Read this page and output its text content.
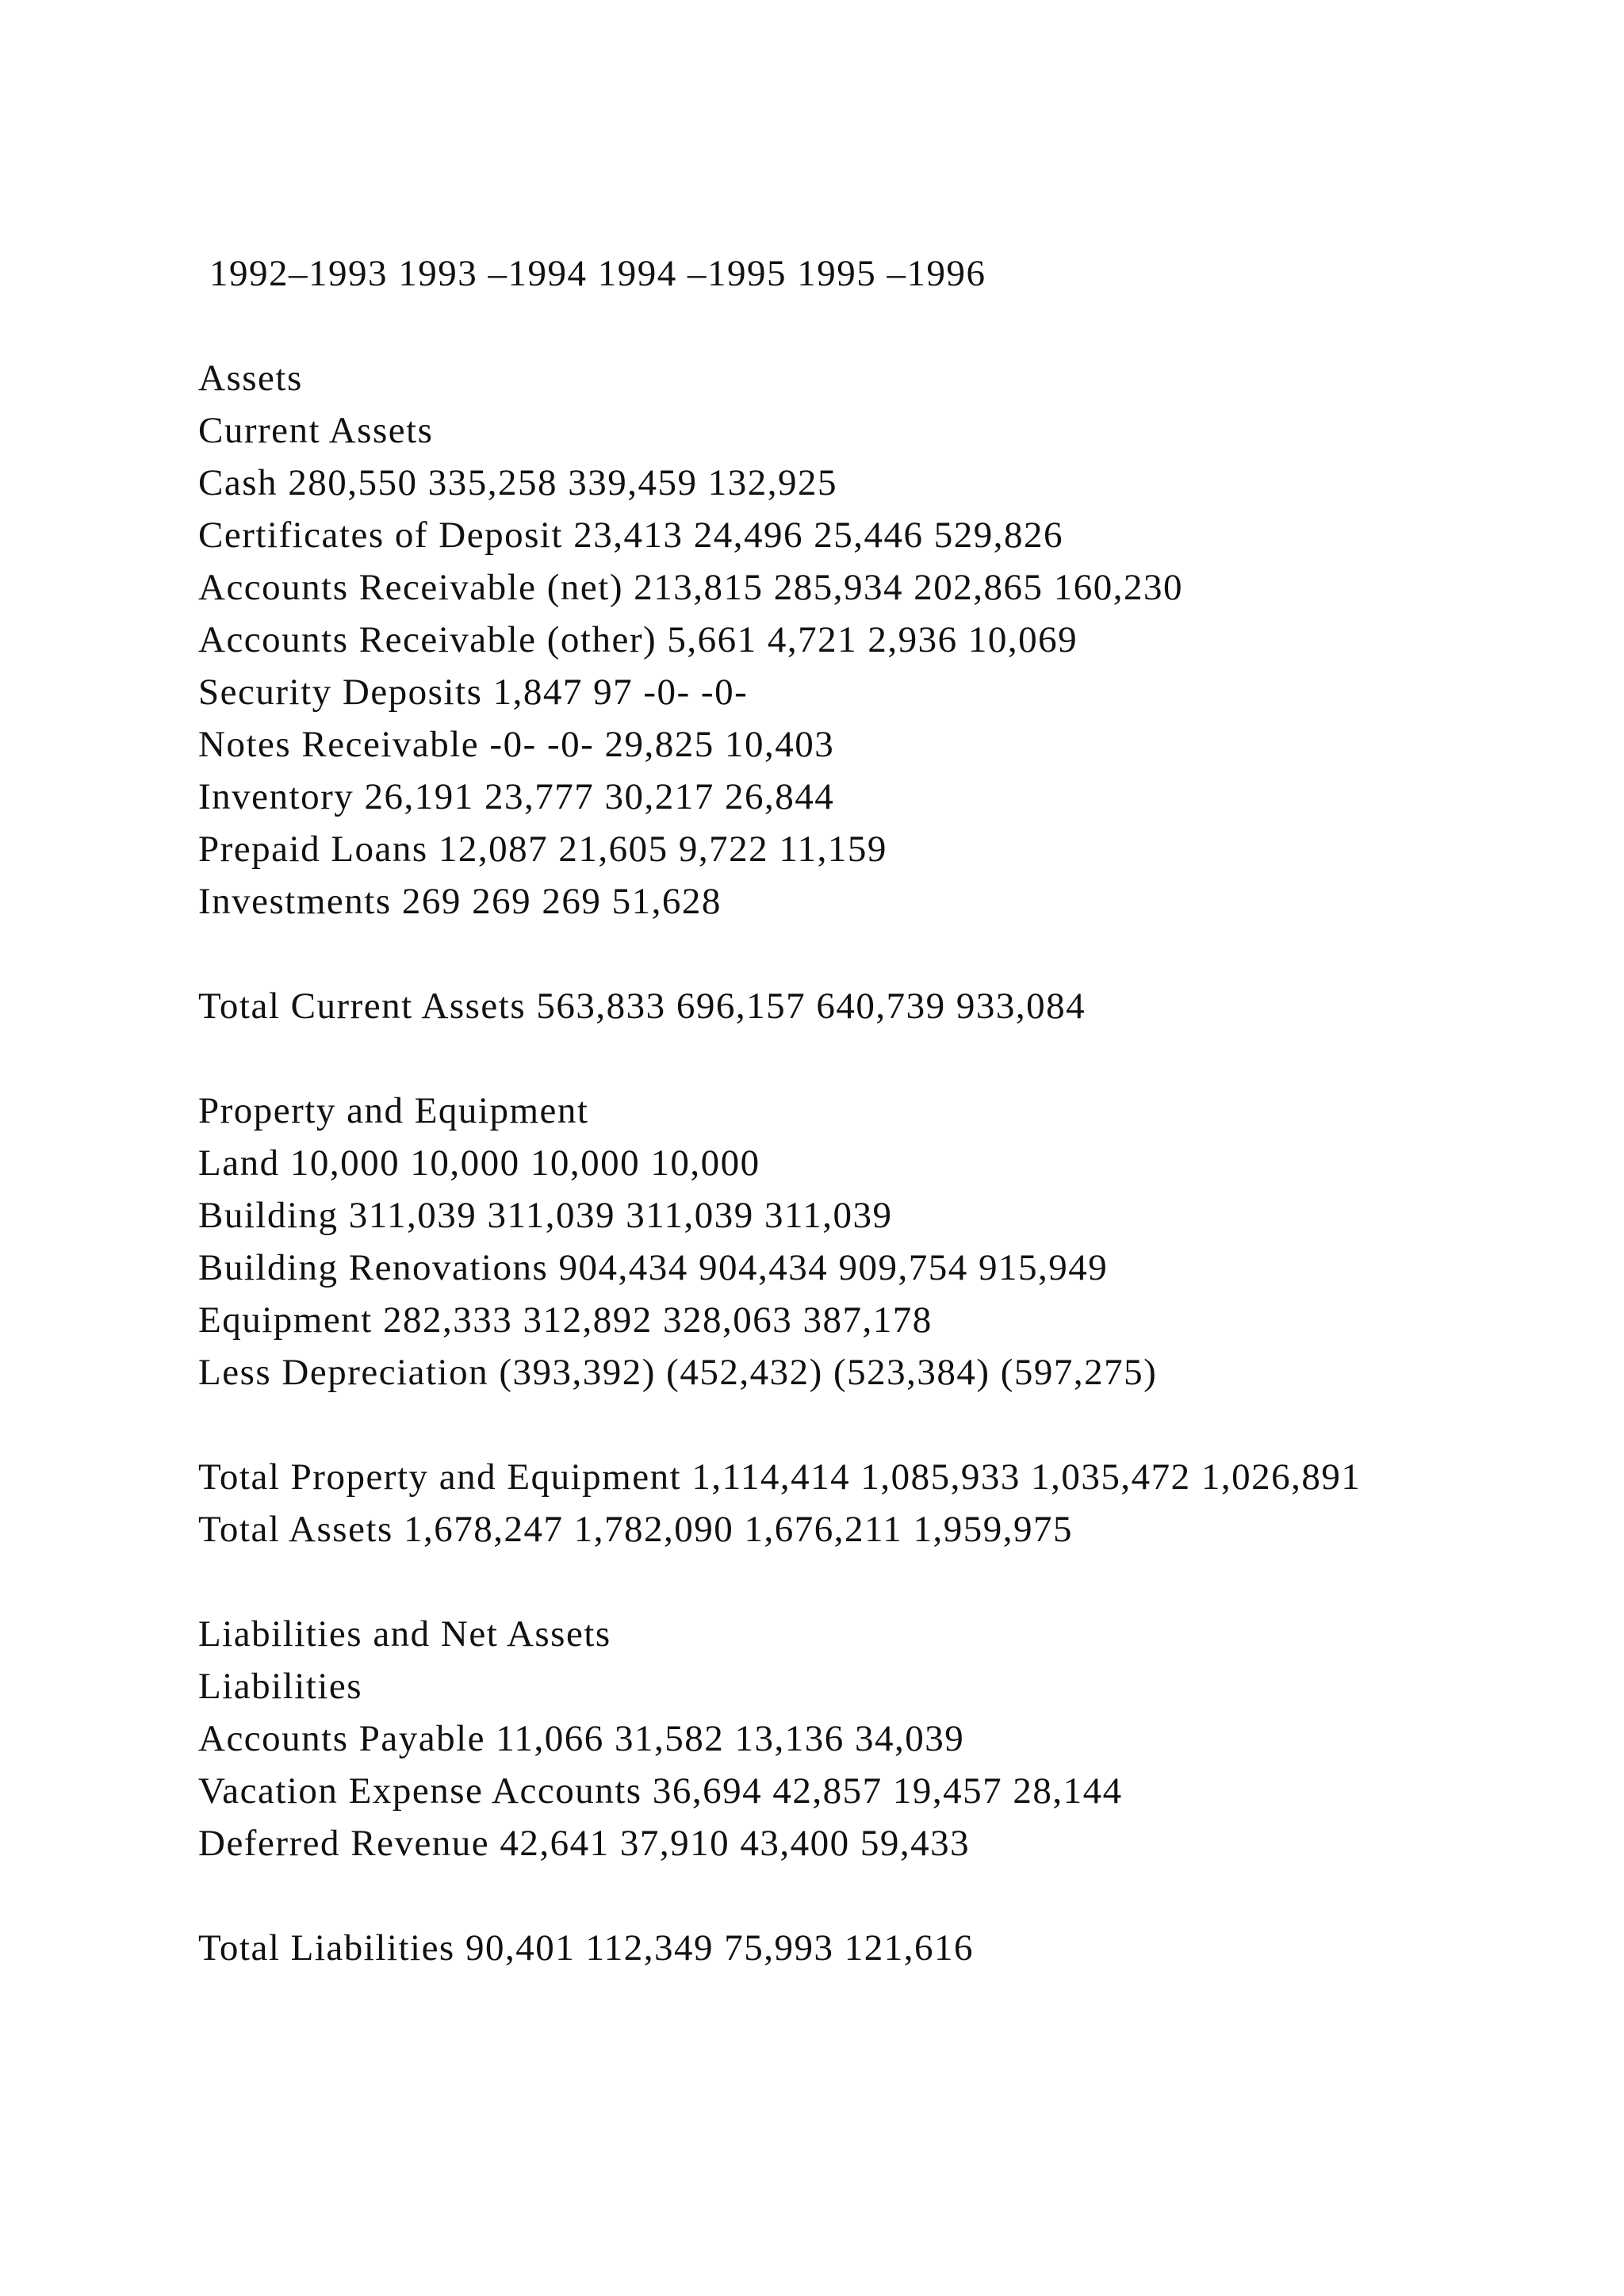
1992–1993 1993 –1994 1994 –1995 1995 –1996
Assets
Current Assets
Cash 280,550 335,258 339,459 132,925
Certificates of Deposit 23,413 24,496 25,446 529,826
Accounts Receivable (net) 213,815 285,934 202,865 160,230
Accounts Receivable (other) 5,661 4,721 2,936 10,069
Security Deposits 1,847 97 -0- -0-
Notes Receivable -0- -0- 29,825 10,403
Inventory 26,191 23,777 30,217 26,844
Prepaid Loans 12,087 21,605 9,722 11,159
Investments 269 269 269 51,628
Total Current Assets 563,833 696,157 640,739 933,084
Property and Equipment
Land 10,000 10,000 10,000 10,000
Building 311,039 311,039 311,039 311,039
Building Renovations 904,434 904,434 909,754 915,949
Equipment 282,333 312,892 328,063 387,178
Less Depreciation (393,392) (452,432) (523,384) (597,275)
Total Property and Equipment 1,114,414 1,085,933 1,035,472 1,026,891
Total Assets 1,678,247 1,782,090 1,676,211 1,959,975
Liabilities and Net Assets
Liabilities
Accounts Payable 11,066 31,582 13,136 34,039
Vacation Expense Accounts 36,694 42,857 19,457 28,144
Deferred Revenue 42,641 37,910 43,400 59,433
Total Liabilities 90,401 112,349 75,993 121,616
